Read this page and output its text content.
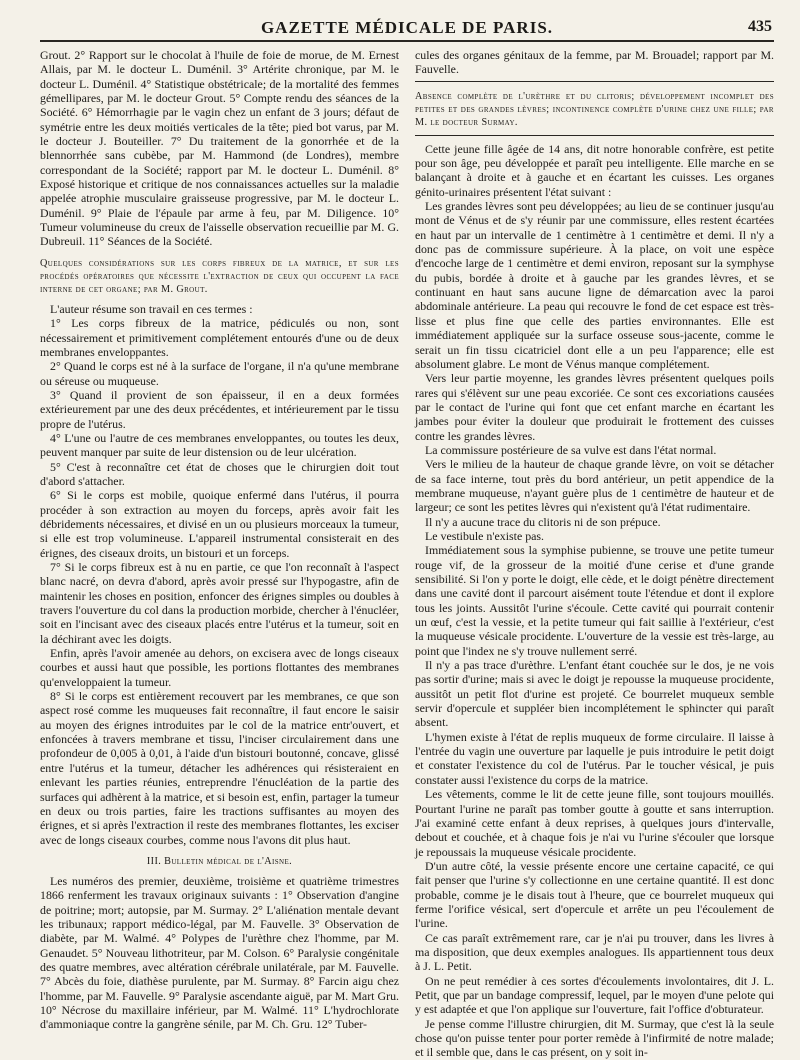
GAZETTE MÉDICALE DE PARIS.	435

Grout. 2° Rapport sur le chocolat à l'huile de foie de morue, de M. Ernest Allais, par M. le docteur L. Duménil. 3° Artérite chronique, par M. le docteur L. Duménil. 4° Statistique obstétricale; de la mortalité des femmes gémellipares, par M. le docteur Grout. 5° Compte rendu des séances de la Société. 6° Hémorrhagie par le vagin chez un enfant de 3 jours; défaut de symétrie entre les deux moitiés verticales de la tête; pied bot varus, par M. le docteur J. Bouteiller. 7° Du traitement de la gonorrhée et de la blennorrhée sans cubèbe, par M. Hammond (de Londres), membre correspondant de la Société; rapport par M. le docteur L. Duménil. 8° Exposé historique et critique de nos connaissances actuelles sur la maladie appelée atrophie musculaire graisseuse progressive, par M. le docteur L. Duménil. 9° Plaie de l'épaule par arme à feu, par M. Diligence. 10° Tumeur volumineuse du creux de l'aisselle observation recueillie par M. G. Dubreuil. 11° Séances de la Société.

Quelques considérations sur les corps fibreux de la matrice, et sur les procédés opératoires que nécessite l'extraction de ceux qui occupent la face interne de cet organe; par M. Grout.

L'auteur résume son travail en ces termes :

1° Les corps fibreux de la matrice, pédiculés ou non, sont nécessairement et primitivement complétement entourés d'une ou de deux membranes enveloppantes.

2° Quand le corps est né à la surface de l'organe, il n'a qu'une membrane ou séreuse ou muqueuse.

3° Quand il provient de son épaisseur, il en a deux formées extérieurement par une des deux précédentes, et intérieurement par le tissu propre de l'utérus.

4° L'une ou l'autre de ces membranes enveloppantes, ou toutes les deux, peuvent manquer par suite de leur distension ou de leur ulcération.

5° C'est à reconnaître cet état de choses que le chirurgien doit tout d'abord s'attacher.

6° Si le corps est mobile, quoique enfermé dans l'utérus, il pourra procéder à son extraction au moyen du forceps, après avoir fait les débridements nécessaires, et divisé en un ou plusieurs morceaux la tumeur, si elle est trop volumineuse. L'appareil instrumental consisterait en des érignes, des ciseaux droits, un bistouri et un forceps.

7° Si le corps fibreux est à nu en partie, ce que l'on reconnaît à l'aspect blanc nacré, on devra d'abord, après avoir pressé sur l'hypogastre, afin de maintenir les choses en position, enfoncer des érignes simples ou doubles à travers l'ouverture du col dans la production morbide, chercher à l'énucléer, soit en l'incisant avec des ciseaux placés entre l'utérus et la tumeur, soit en la déchirant avec les doigts.

Enfin, après l'avoir amenée au dehors, on exciserа avec de longs ciseaux courbes et aussi haut que possible, les portions flottantes des membranes qu'enveloppaient la tumeur.

8° Si le corps est entièrement recouvert par les membranes, ce que son aspect rosé comme les muqueuses fait reconnaître, il faut encore le saisir au moyen des érignes introduites par le col de la matrice entr'ouvert, et enfoncées à travers membrane et tissu, l'inciser circulairement dans une profondeur de 0,005 à 0,01, à l'aide d'un bistouri boutonné, concave, glissé entre l'utérus et la tumeur, détacher les adhérences qui résisteraient en enlevant les parties réunies, entreprendre l'énucléation de la partie des surfaces qui adhèrent à la matrice, et si besoin est, enfin, partager la tumeur en deux ou trois parties, faire les tractions suffisantes au moyen des érignes, et si après l'extraction il reste des membranes flottantes, les exciser avec de longs ciseaux courbes, comme nous l'avons dit plus haut.

III. Bulletin médical de l'Aisne.

Les numéros des premier, deuxième, troisième et quatrième trimestres 1866 renferment les travaux originaux suivants : 1° Observation d'angine de poitrine; mort; autopsie, par M. Surmay. 2° L'aliénation mentale devant les tribunaux; rapport médico-légal, par M. Fauvelle. 3° Observation de diabète, par M. Walmé. 4° Polypes de l'urèthre chez l'homme, par M. Genaudet. 5° Nouveau lithotriteur, par M. Colson. 6° Paralysie congénitale des quatre membres, avec altération cérébrale unilatérale, par M. Fauvelle. 7° Abcès du foie, diathèse purulente, par M. Surmay. 8° Farcin aigu chez l'homme, par M. Fauvelle. 9° Paralysie ascendante aiguë, par M. Mart Gru. 10° Nécrose du maxillaire inférieur, par M. Walmé. 11° L'hydrochlorate d'ammoniaque contre la gangrène sénile, par M. Ch. Gru. 12° Tuber-

cules des organes génitaux de la femme, par M. Brouadel; rapport par M. Fauvelle.

Absence complète de l'urèthre et du clitoris; développement incomplet des petites et des grandes lèvres; incontinence complète d'urine chez une fille; par M. le docteur Surmay.

Cette jeune fille âgée de 14 ans, dit notre honorable confrère, est petite pour son âge, peu développée et paraît peu intelligente. Elle marche en se balançant à droite et à gauche et en écartant les cuisses. Les organes génito-urinaires présentent l'état suivant :

Les grandes lèvres sont peu développées; au lieu de se continuer jusqu'au mont de Vénus et de s'y réunir par une commissure, elles restent écartées en haut par un intervalle de 1 centimètre à 1 centimètre et demi. Il n'y a donc pas de commissure supérieure. À la place, on voit une espèce d'encoche large de 1 centimètre et demi environ, reposant sur la symphyse du pubis, bordée à droite et à gauche par les grandes lèvres, et se continuant en haut sans aucune ligne de démarcation avec la paroi abdominale antérieure. La peau qui recouvre le fond de cet espace est très-lisse et plus fine que celle des parties environnantes. Elle est immédiatement appliquée sur la surface osseuse sous-jacente, comme le serait un fin tissu cicatriciel dont elle a un peu l'apparence; elle est absolument glabre. Le mont de Vénus manque complétement.

Vers leur partie moyenne, les grandes lèvres présentent quelques poils rares qui s'élèvent sur une peau excoriée. Ce sont ces excoriations causées par le contact de l'urine qui font que cet enfant marche en écartant les jambes pour éviter la douleur que produirait le frottement des cuisses contre les grandes lèvres.

La commissure postérieure de sa vulve est dans l'état normal.

Vers le milieu de la hauteur de chaque grande lèvre, on voit se détacher de sa face interne, tout près du bord antérieur, un petit appendice de la membrane muqueuse, n'ayant guère plus de 1 centimètre de hauteur et de largeur; ce sont les petites lèvres qui n'existent qu'à l'état rudimentaire.

Il n'y a aucune trace du clitoris ni de son prépuce.

Le vestibule n'existe pas.

Immédiatement sous la symphise pubienne, se trouve une petite tumeur rouge vif, de la grosseur de la moitié d'une cerise et d'une grande sensibilité. Si l'on y porte le doigt, elle cède, et le doigt pénètre directement dans une cavité dont il parcourt aisément toute l'étendue et dont il explore tous les joints. Aussitôt l'urine s'écoule. Cette cavité qui pourrait contenir un œuf, c'est la vessie, et la petite tumeur qui fait saillie à l'extérieur, c'est la muqueuse vésicale procidente. L'ouverture de la vessie est très-large, au point que l'index ne s'y trouve nullement serré.

Il n'y a pas trace d'urèthre. L'enfant étant couchée sur le dos, je ne vois pas sortir d'urine; mais si avec le doigt je repousse la muqueuse procidente, aussitôt un petit flot d'urine est projeté. Ce bourrelet muqueux semble servir d'opercule et suppléer bien incomplétement le sphincter qui paraît absent.

L'hymen existe à l'état de replis muqueux de forme circulaire. Il laisse à l'entrée du vagin une ouverture par laquelle je puis introduire le petit doigt et constater l'existence du col de l'utérus. Par le toucher vésical, je puis constater aussi l'existence du corps de la matrice.

Les vêtements, comme le lit de cette jeune fille, sont toujours mouillés. Pourtant l'urine ne paraît pas tomber goutte à goutte et sans interruption. J'ai examiné cette enfant à deux reprises, à quelques jours d'intervalle, debout et couchée, et à chaque fois je n'ai vu l'urine s'écouler que lorsque je repoussais la muqueuse vésicale procidente.

D'un autre côté, la vessie présente encore une certaine capacité, ce qui fait penser que l'urine s'y collectionne en une certaine quantité. Il est donc probable, comme je le disais tout à l'heure, que ce bourrelet muqueux qui ferme l'orifice vésical, sert d'opercule et arrête un peu l'écoulement de l'urine.

Ce cas paraît extrêmement rare, car je n'ai pu trouver, dans les livres à ma disposition, que deux exemples analogues. Ils appartiennent tous deux à J. L. Petit.

On ne peut remédier à ces sortes d'écoulements involontaires, dit J. L. Petit, que par un bandage compressif, lequel, par le moyen d'une pelote qui y est adaptée et que l'on applique sur l'ouverture, fait l'office d'obturateur.

Je pense comme l'illustre chirurgien, dit M. Surmay, que c'est là la seule chose qu'on puisse tenter pour porter remède à l'infirmité de notre malade; et il semble que, dans le cas présent, on y soit in-
